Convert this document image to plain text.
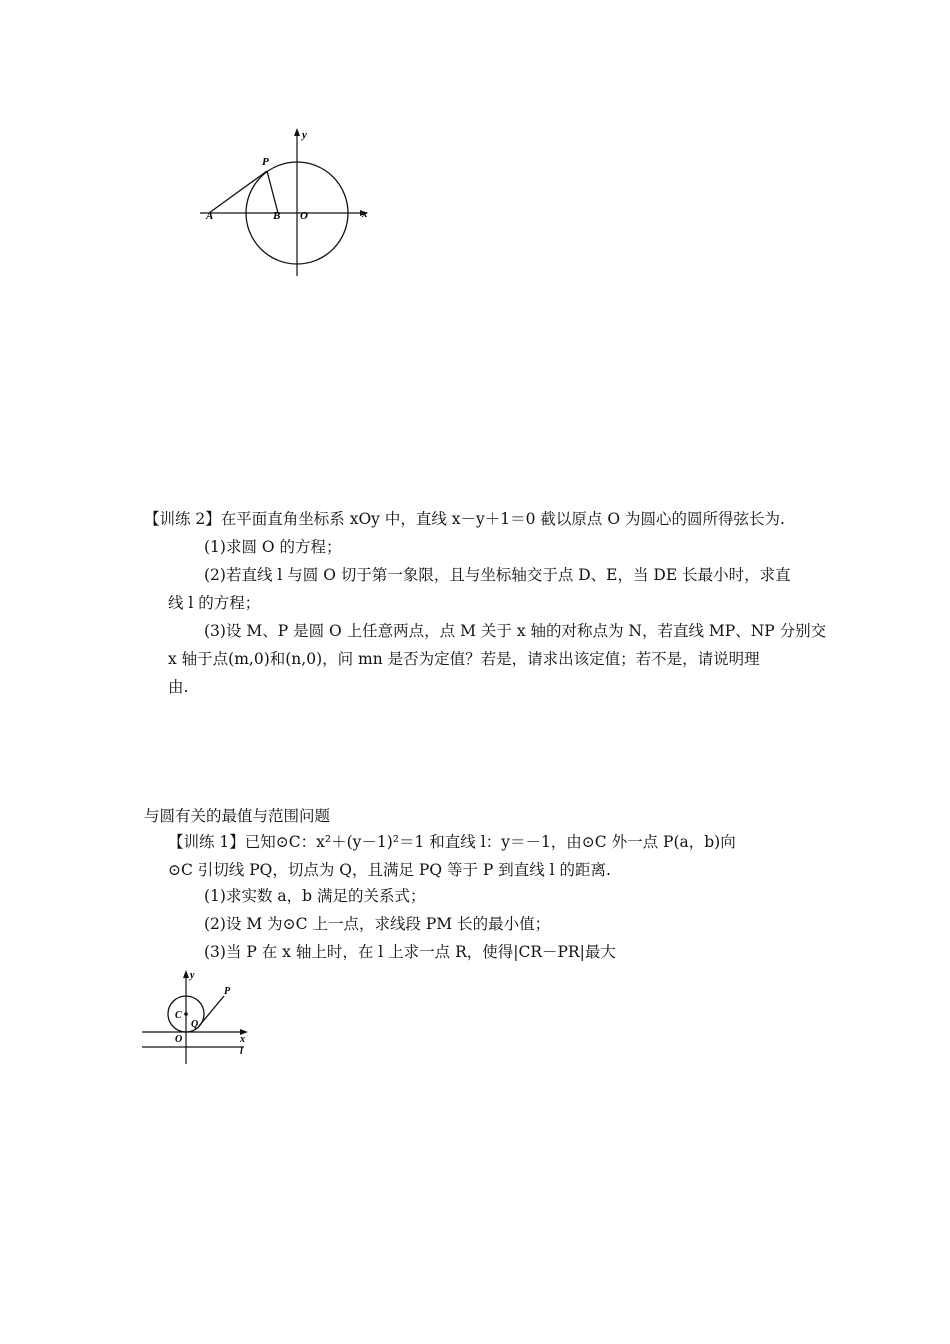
y
x
P
A	B O
【训练 2】在平面直角坐标系 xOy 中，直线 x－y＋1＝0 截以原点 O 为圆心的圆所得弦长为.
(1)求圆 O 的方程；
(2)若直线 l 与圆 O 切于第一象限，且与坐标轴交于点 D、E，当 DE 长最小时，求直
线 l 的方程；
(3)设 M、P 是圆 O 上任意两点，点 M 关于 x 轴的对称点为 N，若直线 MP、NP 分别交
x 轴于点(m,0)和(n,0)，问 mn 是否为定值？若是，请求出该定值；若不是，请说明理
由.
与圆有关的最值与范围问题
【训练 1】已知⊙C：x²＋(y－1)²＝1 和直线 l：y＝－1，由⊙C 外一点 P(a，b)向
⊙C 引切线 PQ，切点为 Q，且满足 PQ 等于 P 到直线 l 的距离.
(1)求实数 a，b 满足的关系式；
(2)设 M 为⊙C 上一点，求线段 PM 长的最小值；
(3)当 P 在 x 轴上时，在 l 上求一点 R，使得|CR－PR|最大
y
C
Q
P
O	x
l
